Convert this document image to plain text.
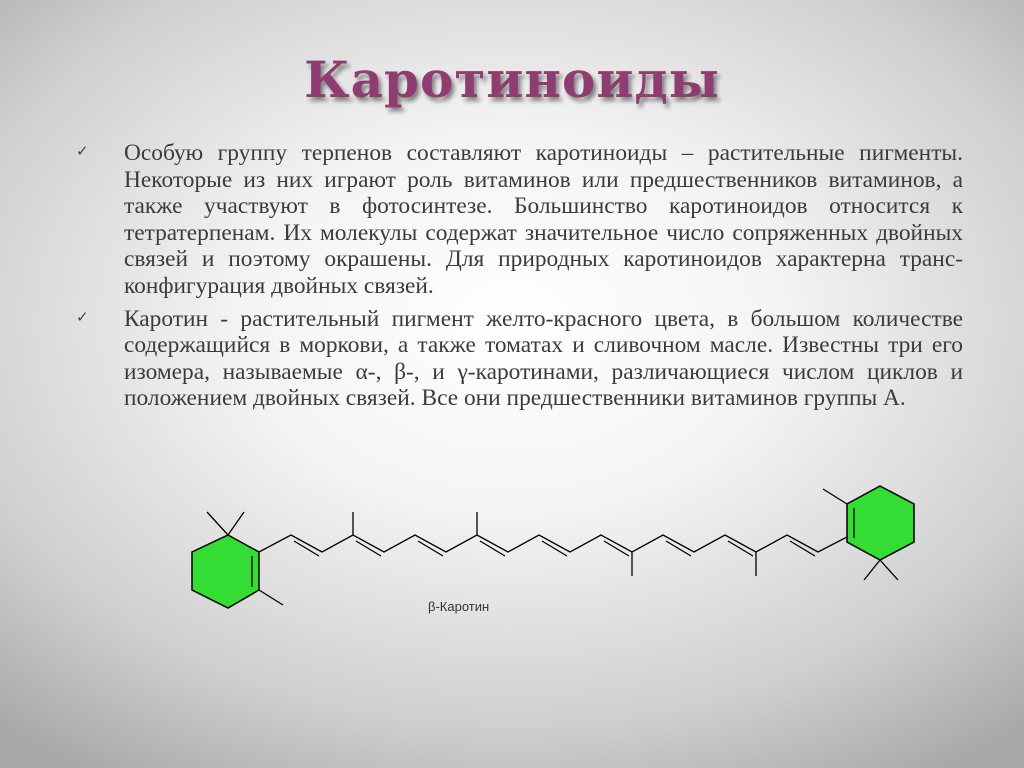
Каротиноиды
✓ Особую группу терпенов составляют каротиноиды – растительные пигменты. Некоторые из них играют роль витаминов или предшественников витаминов, а также участвуют в фотосинтезе. Большинство каротиноидов относится к тетратерпенам. Их молекулы содержат значительное число сопряженных двойных связей и поэтому окрашены. Для природных каротиноидов характерна транс-конфигурация двойных связей.
✓ Каротин - растительный пигмент желто-красного цвета, в большом количестве содержащийся в моркови, а также томатах и сливочном масле. Известны три его изомера, называемые α-, β-, и γ-каротинами, различающиеся числом циклов и положением двойных связей. Все они предшественники витаминов группы А.
β-Каротин
